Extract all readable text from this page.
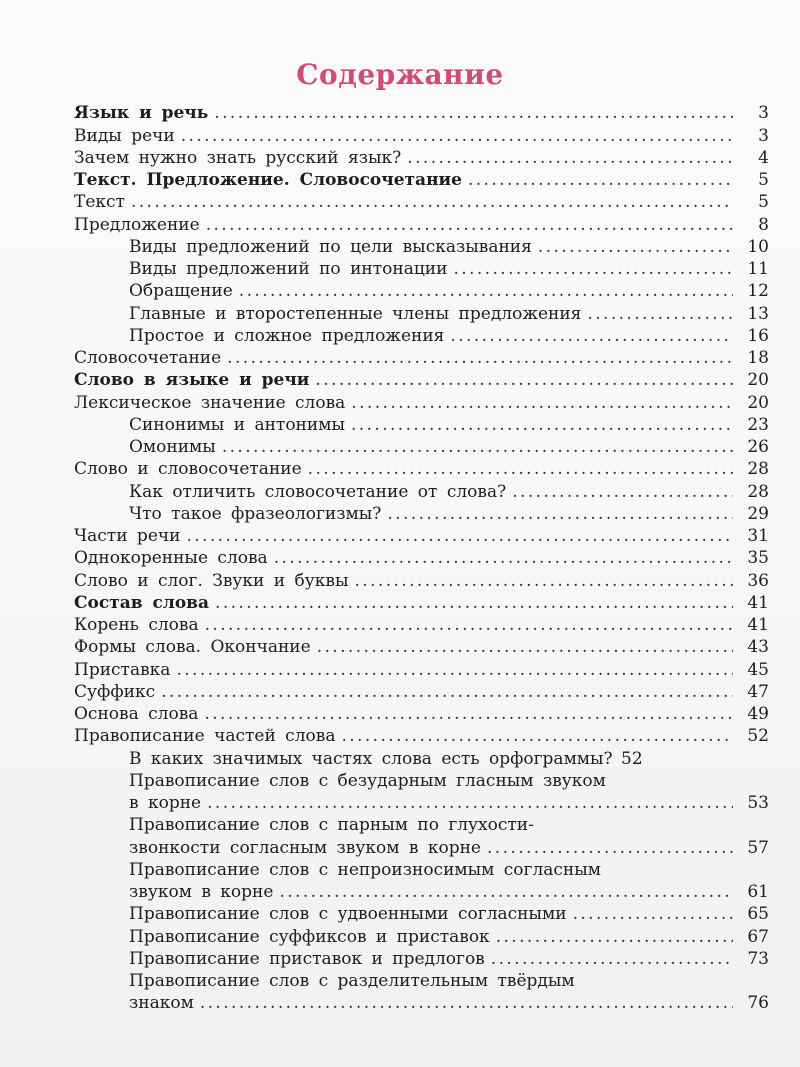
Содержание
Язык и речь .....	3
Виды речи .....	3
Зачем нужно знать русский язык? .....	4
Текст. Предложение. Словосочетание .....	5
Текст .....	5
Предложение .....	8
Виды предложений по цели высказывания .....	10
Виды предложений по интонации .....	11
Обращение .....	12
Главные и второстепенные члены предложения .....	13
Простое и сложное предложения .....	16
Словосочетание .....	18
Слово в языке и речи .....	20
Лексическое значение слова .....	20
Синонимы и антонимы .....	23
Омонимы .....	26
Слово и словосочетание .....	28
Как отличить словосочетание от слова? .....	28
Что такое фразеологизмы? .....	29
Части речи .....	31
Однокоренные слова .....	35
Слово и слог. Звуки и буквы .....	36
Состав слова .....	41
Корень слова .....	41
Формы слова. Окончание .....	43
Приставка .....	45
Суффикс .....	47
Основа слова .....	49
Правописание частей слова .....	52
В каких значимых частях слова есть орфограммы? 52
Правописание слов с безударным гласным звуком
в корне .....	53
Правописание слов с парным по глухости-
звонкости согласным звуком в корне .....	57
Правописание слов с непроизносимым согласным
звуком в корне .....	61
Правописание слов с удвоенными согласными .....	65
Правописание суффиксов и приставок .....	67
Правописание приставок и предлогов .....	73
Правописание слов с разделительным твёрдым
знаком .....	76
